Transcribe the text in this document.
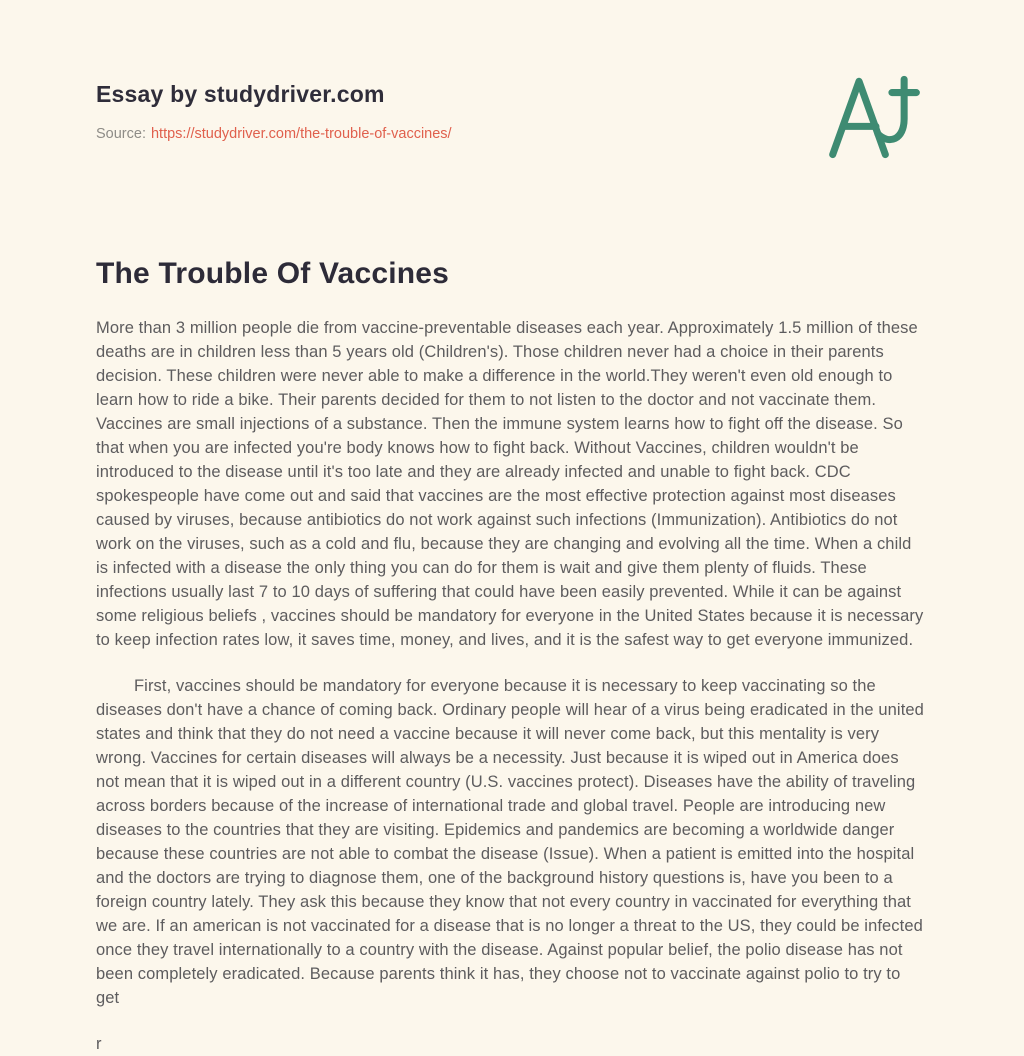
Essay by studydriver.com
Source: https://studydriver.com/the-trouble-of-vaccines/
The Trouble Of Vaccines

More than 3 million people die from vaccine-preventable diseases each year. Approximately 1.5 million of these deaths are in children less than 5 years old (Children's). Those children never had a choice in their parents decision. These children were never able to make a difference in the world.They weren't even old enough to learn how to ride a bike. Their parents decided for them to not listen to the doctor and not vaccinate them. Vaccines are small injections of a substance. Then the immune system learns how to fight off the disease. So that when you are infected you're body knows how to fight back. Without Vaccines, children wouldn't be introduced to the disease until it's too late and they are already infected and unable to fight back. CDC spokespeople have come out and said that vaccines are the most effective protection against most diseases caused by viruses, because antibiotics do not work against such infections (Immunization). Antibiotics do not work on the viruses, such as a cold and flu, because they are changing and evolving all the time. When a child is infected with a disease the only thing you can do for them is wait and give them plenty of fluids. These infections usually last 7 to 10 days of suffering that could have been easily prevented. While it can be against some religious beliefs , vaccines should be mandatory for everyone in the United States because it is necessary to keep infection rates low, it saves time, money, and lives, and it is the safest way to get everyone immunized.

First, vaccines should be mandatory for everyone because it is necessary to keep vaccinating so the diseases don't have a chance of coming back. Ordinary people will hear of a virus being eradicated in the united states and think that they do not need a vaccine because it will never come back, but this mentality is very wrong. Vaccines for certain diseases will always be a necessity. Just because it is wiped out in America does not mean that it is wiped out in a different country (U.S. vaccines protect). Diseases have the ability of traveling across borders because of the increase of international trade and global travel. People are introducing new diseases to the countries that they are visiting. Epidemics and pandemics are becoming a worldwide danger because these countries are not able to combat the disease (Issue). When a patient is emitted into the hospital and the doctors are trying to diagnose them, one of the background history questions is, have you been to a foreign country lately. They ask this because they know that not every country in vaccinated for everything that we are. If an american is not vaccinated for a disease that is no longer a threat to the US, they could be infected once they travel internationally to a country with the disease. Against popular belief, the polio disease has not been completely eradicated. Because parents think it has, they choose not to vaccinate against polio to try to get

r
